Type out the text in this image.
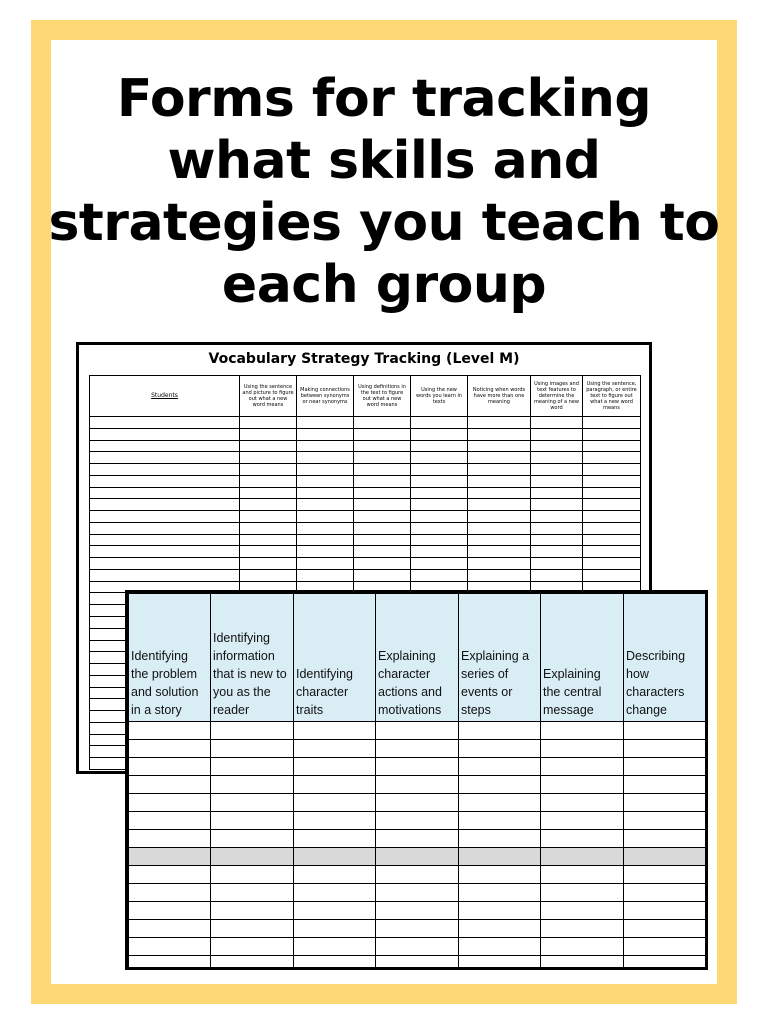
Forms for tracking
what skills and
strategies you teach to
each group
Vocabulary Strategy Tracking (Level M)
Students	Using the sentence and picture to figure out what a new word means	Making connections between synonyms or near synonyms	Using definitions in the text to figure out what a new word means	Using the new words you learn in texts	Noticing when words have more than one meaning	Using images and text features to determine the meaning of a new word	Using the sentence, paragraph, or entire text to figure out what a new word means

Identifying the problem and solution in a story	Identifying information that is new to you as the reader	Identifying character traits	Explaining character actions and motivations	Explaining a series of events or steps	Explaining the central message	Describing how characters change
